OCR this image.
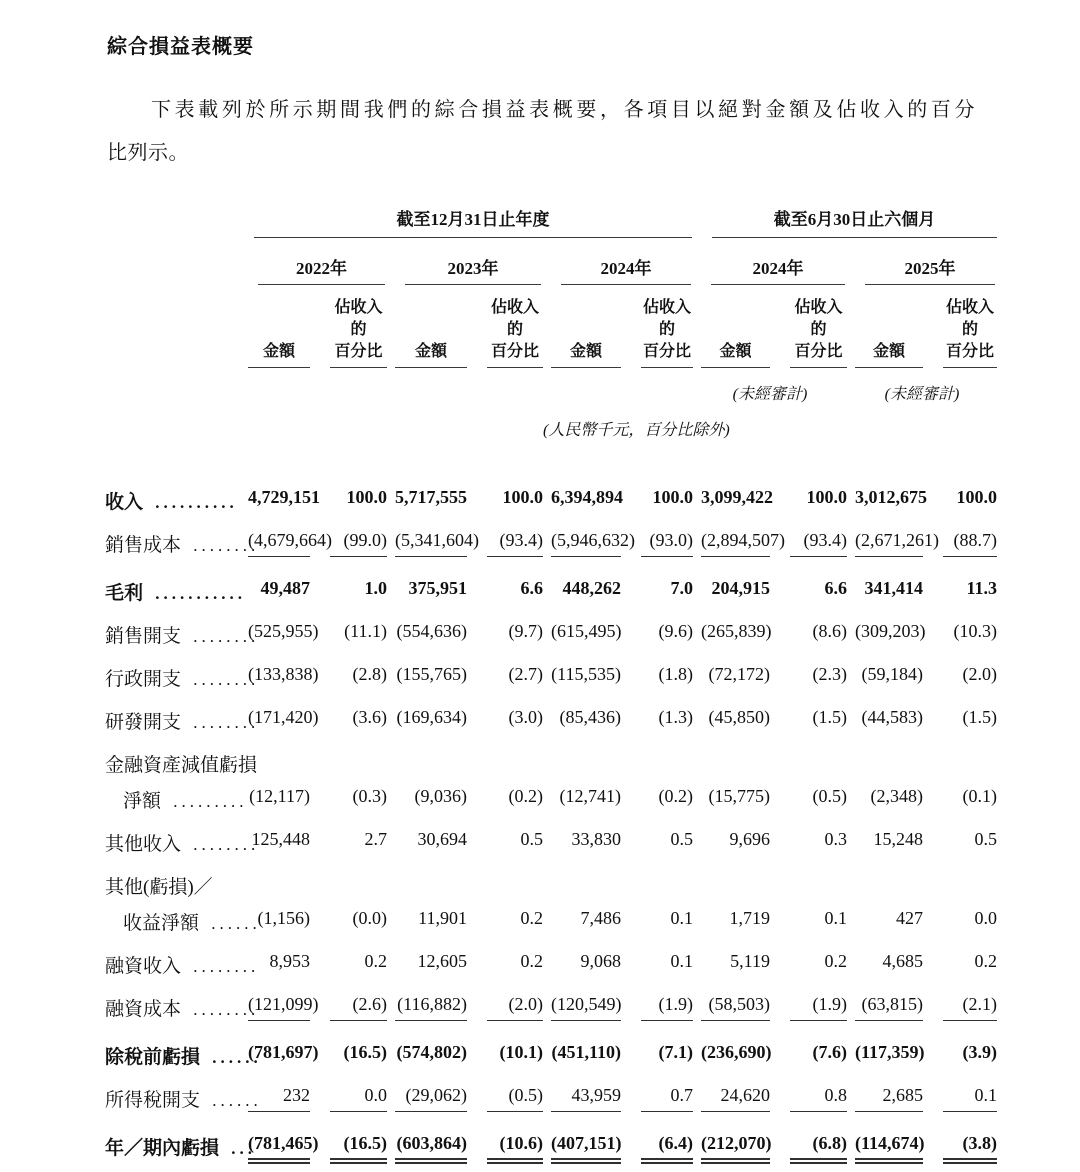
綜合損益表概要

下表載列於所示期間我們的綜合損益表概要，各項目以絕對金額及佔收入的百分

比列示。

截至12月31日止年度	截至6月30日止六個月
2022年	2023年	2024年	2024年	2025年
金額
佔收入的
百分比	金額
佔收入的
百分比	金額
佔收入的
百分比	金額
佔收入的
百分比	金額
佔收入的
百分比
(未經審計)	(未經審計)
(人民幣千元，百分比除外)
收入 .......... 4,729,151	100.0 5,717,555	100.0 6,394,894	100.0 3,099,422	100.0 3,012,675	100.0
銷售成本 ........
(4,679,664) (99.0) (5,341,604)	(93.4) (5,946,632) (93.0) (2,894,507)	(93.4) (2,671,261) (88.7)
毛利 ........... 49,487	1.0	375,951	6.6	448,262	7.0	204,915	6.6 341,414	11.3
銷售開支 ........
(525,955)	(11.1) (554,636)	(9.7) (615,495)	(9.6) (265,839)	(8.6) (309,203)	(10.3)
行政開支 ........
(133,838)	(2.8) (155,765)	(2.7) (115,535)	(1.8) (72,172)	(2.3) (59,184)	(2.0)
研發開支 ........
(171,420)	(3.6) (169,634)	(3.0) (85,436)	(1.3) (45,850)	(1.5) (44,583)	(1.5)
金融資產減值虧損
淨額 ......... (12,117)	(0.3)	(9,036)	(0.2) (12,741)	(0.2) (15,775)	(0.5)	(2,348)	(0.1)
其他收入 ........
125,448	2.7	30,694	0.5	33,830	0.5	9,696	0.3	15,248	0.5
其他(虧損)／
收益淨額 ......
(1,156)	(0.0)	11,901	0.2	7,486	0.1	1,719	0.1	427	0.0
融資收入 ........ 8,953	0.2	12,605	0.2	9,068	0.1	5,119	0.2	4,685	0.2
融資成本 ........
(121,099)	(2.6) (116,882)	(2.0) (120,549)	(1.9) (58,503)	(1.9) (63,815)	(2.1)
除稅前虧損 ......
(781,697)	(16.5) (574,802)	(10.1) (451,110)	(7.1) (236,690)	(7.6) (117,359)	(3.9)
所得稅開支 ......	232	0.0	(29,062)	(0.5)	43,959	0.7	24,620	0.8	2,685	0.1
年／期內虧損 ...
(781,465)	(16.5) (603,864)	(10.6) (407,151)	(6.4) (212,070)	(6.8) (114,674)	(3.8)
